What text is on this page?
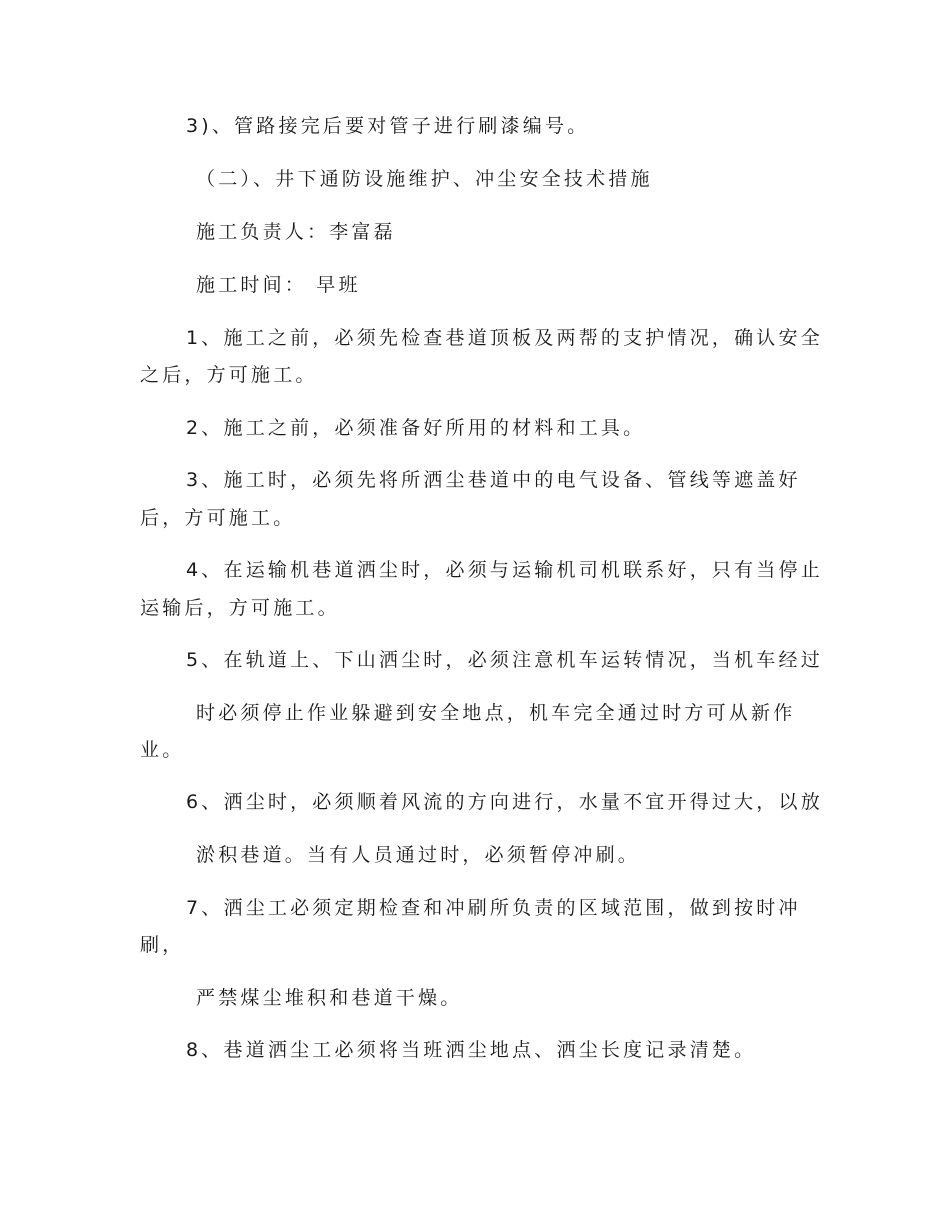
3)、管路接完后要对管子进行刷漆编号。
（二）、井下通防设施维护、冲尘安全技术措施
施工负责人：李富磊
施工时间： 早班
1、施工之前，必须先检查巷道顶板及两帮的支护情况，确认安全
之后，方可施工。
2、施工之前，必须准备好所用的材料和工具。
3、施工时，必须先将所洒尘巷道中的电气设备、管线等遮盖好
后，方可施工。
4、在运输机巷道洒尘时，必须与运输机司机联系好，只有当停止
运输后，方可施工。
5、在轨道上、下山洒尘时，必须注意机车运转情况，当机车经过
时必须停止作业躲避到安全地点，机车完全通过时方可从新作
业。
6、洒尘时，必须顺着风流的方向进行，水量不宜开得过大，以放
淤积巷道。当有人员通过时，必须暂停冲刷。
7、洒尘工必须定期检查和冲刷所负责的区域范围，做到按时冲
刷，
严禁煤尘堆积和巷道干燥。
8、巷道洒尘工必须将当班洒尘地点、洒尘长度记录清楚。
